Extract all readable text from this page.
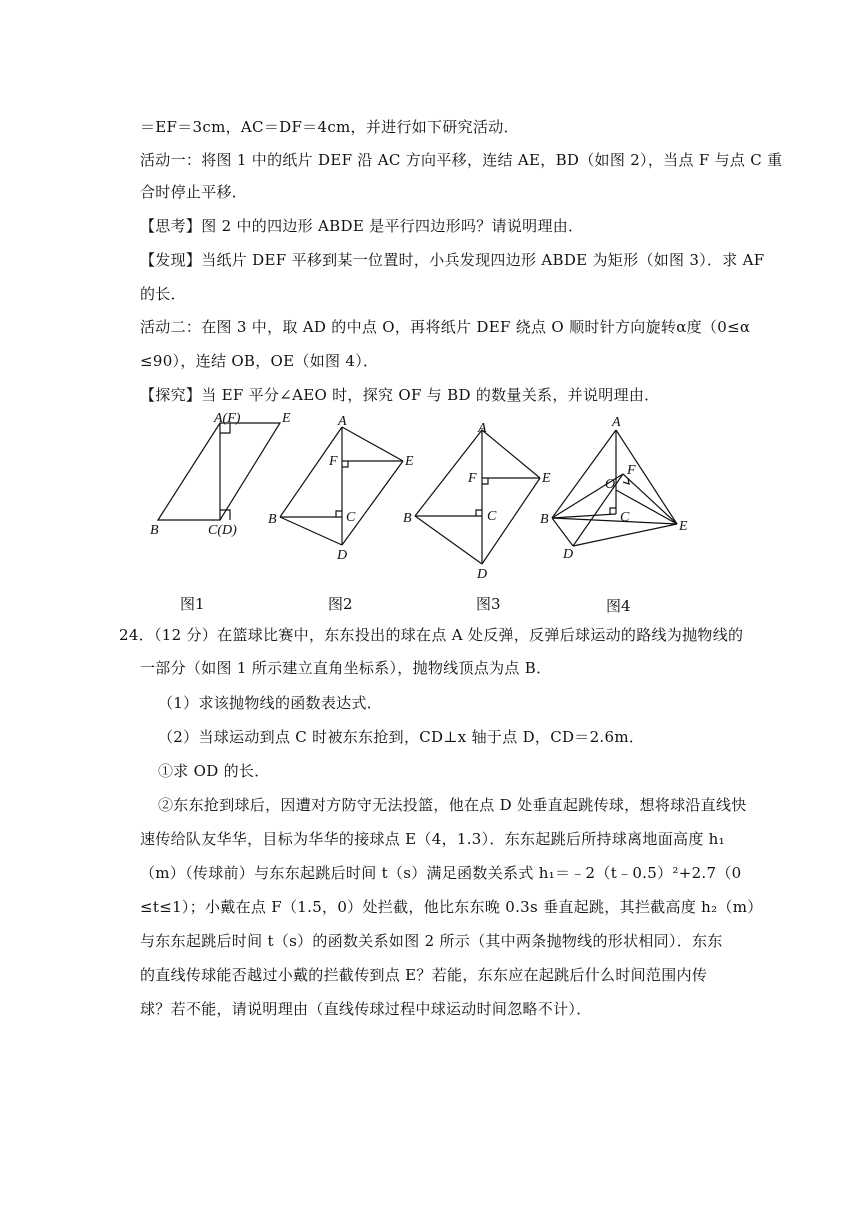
＝EF＝3cm，AC＝DF＝4cm，并进行如下研究活动．
活动一：将图 1 中的纸片 DEF 沿 AC 方向平移，连结 AE，BD（如图 2），当点 F 与点 C 重
合时停止平移．
【思考】图 2 中的四边形 ABDE 是平行四边形吗？请说明理由．
【发现】当纸片 DEF 平移到某一位置时，小兵发现四边形 ABDE 为矩形（如图 3）．求 AF
的长．
活动二：在图 3 中，取 AD 的中点 O，再将纸片 DEF 绕点 O 顺时针方向旋转α度（0≤α
≤90），连结 OB，OE（如图 4）．
【探究】当 EF 平分∠AEO 时，探究 OF 与 BD 的数量关系，并说明理由．
A(F)	E
B	C(D)
图1
A
F	E
B	C
D
图2
A
F	E
B	C
D
图3
A
F
O
B	C
E
D
图4
24．（12 分）在篮球比赛中，东东投出的球在点 A 处反弹，反弹后球运动的路线为抛物线的
一部分（如图 1 所示建立直角坐标系），抛物线顶点为点 B．
（1）求该抛物线的函数表达式．
（2）当球运动到点 C 时被东东抢到，CD⊥x 轴于点 D，CD＝2.6m．
①求 OD 的长．
②东东抢到球后，因遭对方防守无法投篮，他在点 D 处垂直起跳传球，想将球沿直线快
速传给队友华华，目标为华华的接球点 E（4，1.3）．东东起跳后所持球离地面高度 h₁
（m）（传球前）与东东起跳后时间 t（s）满足函数关系式 h₁＝﹣2（t﹣0.5）²+2.7（0
≤t≤1）；小戴在点 F（1.5，0）处拦截，他比东东晚 0.3s 垂直起跳，其拦截高度 h₂（m）
与东东起跳后时间 t（s）的函数关系如图 2 所示（其中两条抛物线的形状相同）．东东
的直线传球能否越过小戴的拦截传到点 E？若能，东东应在起跳后什么时间范围内传
球？若不能，请说明理由（直线传球过程中球运动时间忽略不计）．
